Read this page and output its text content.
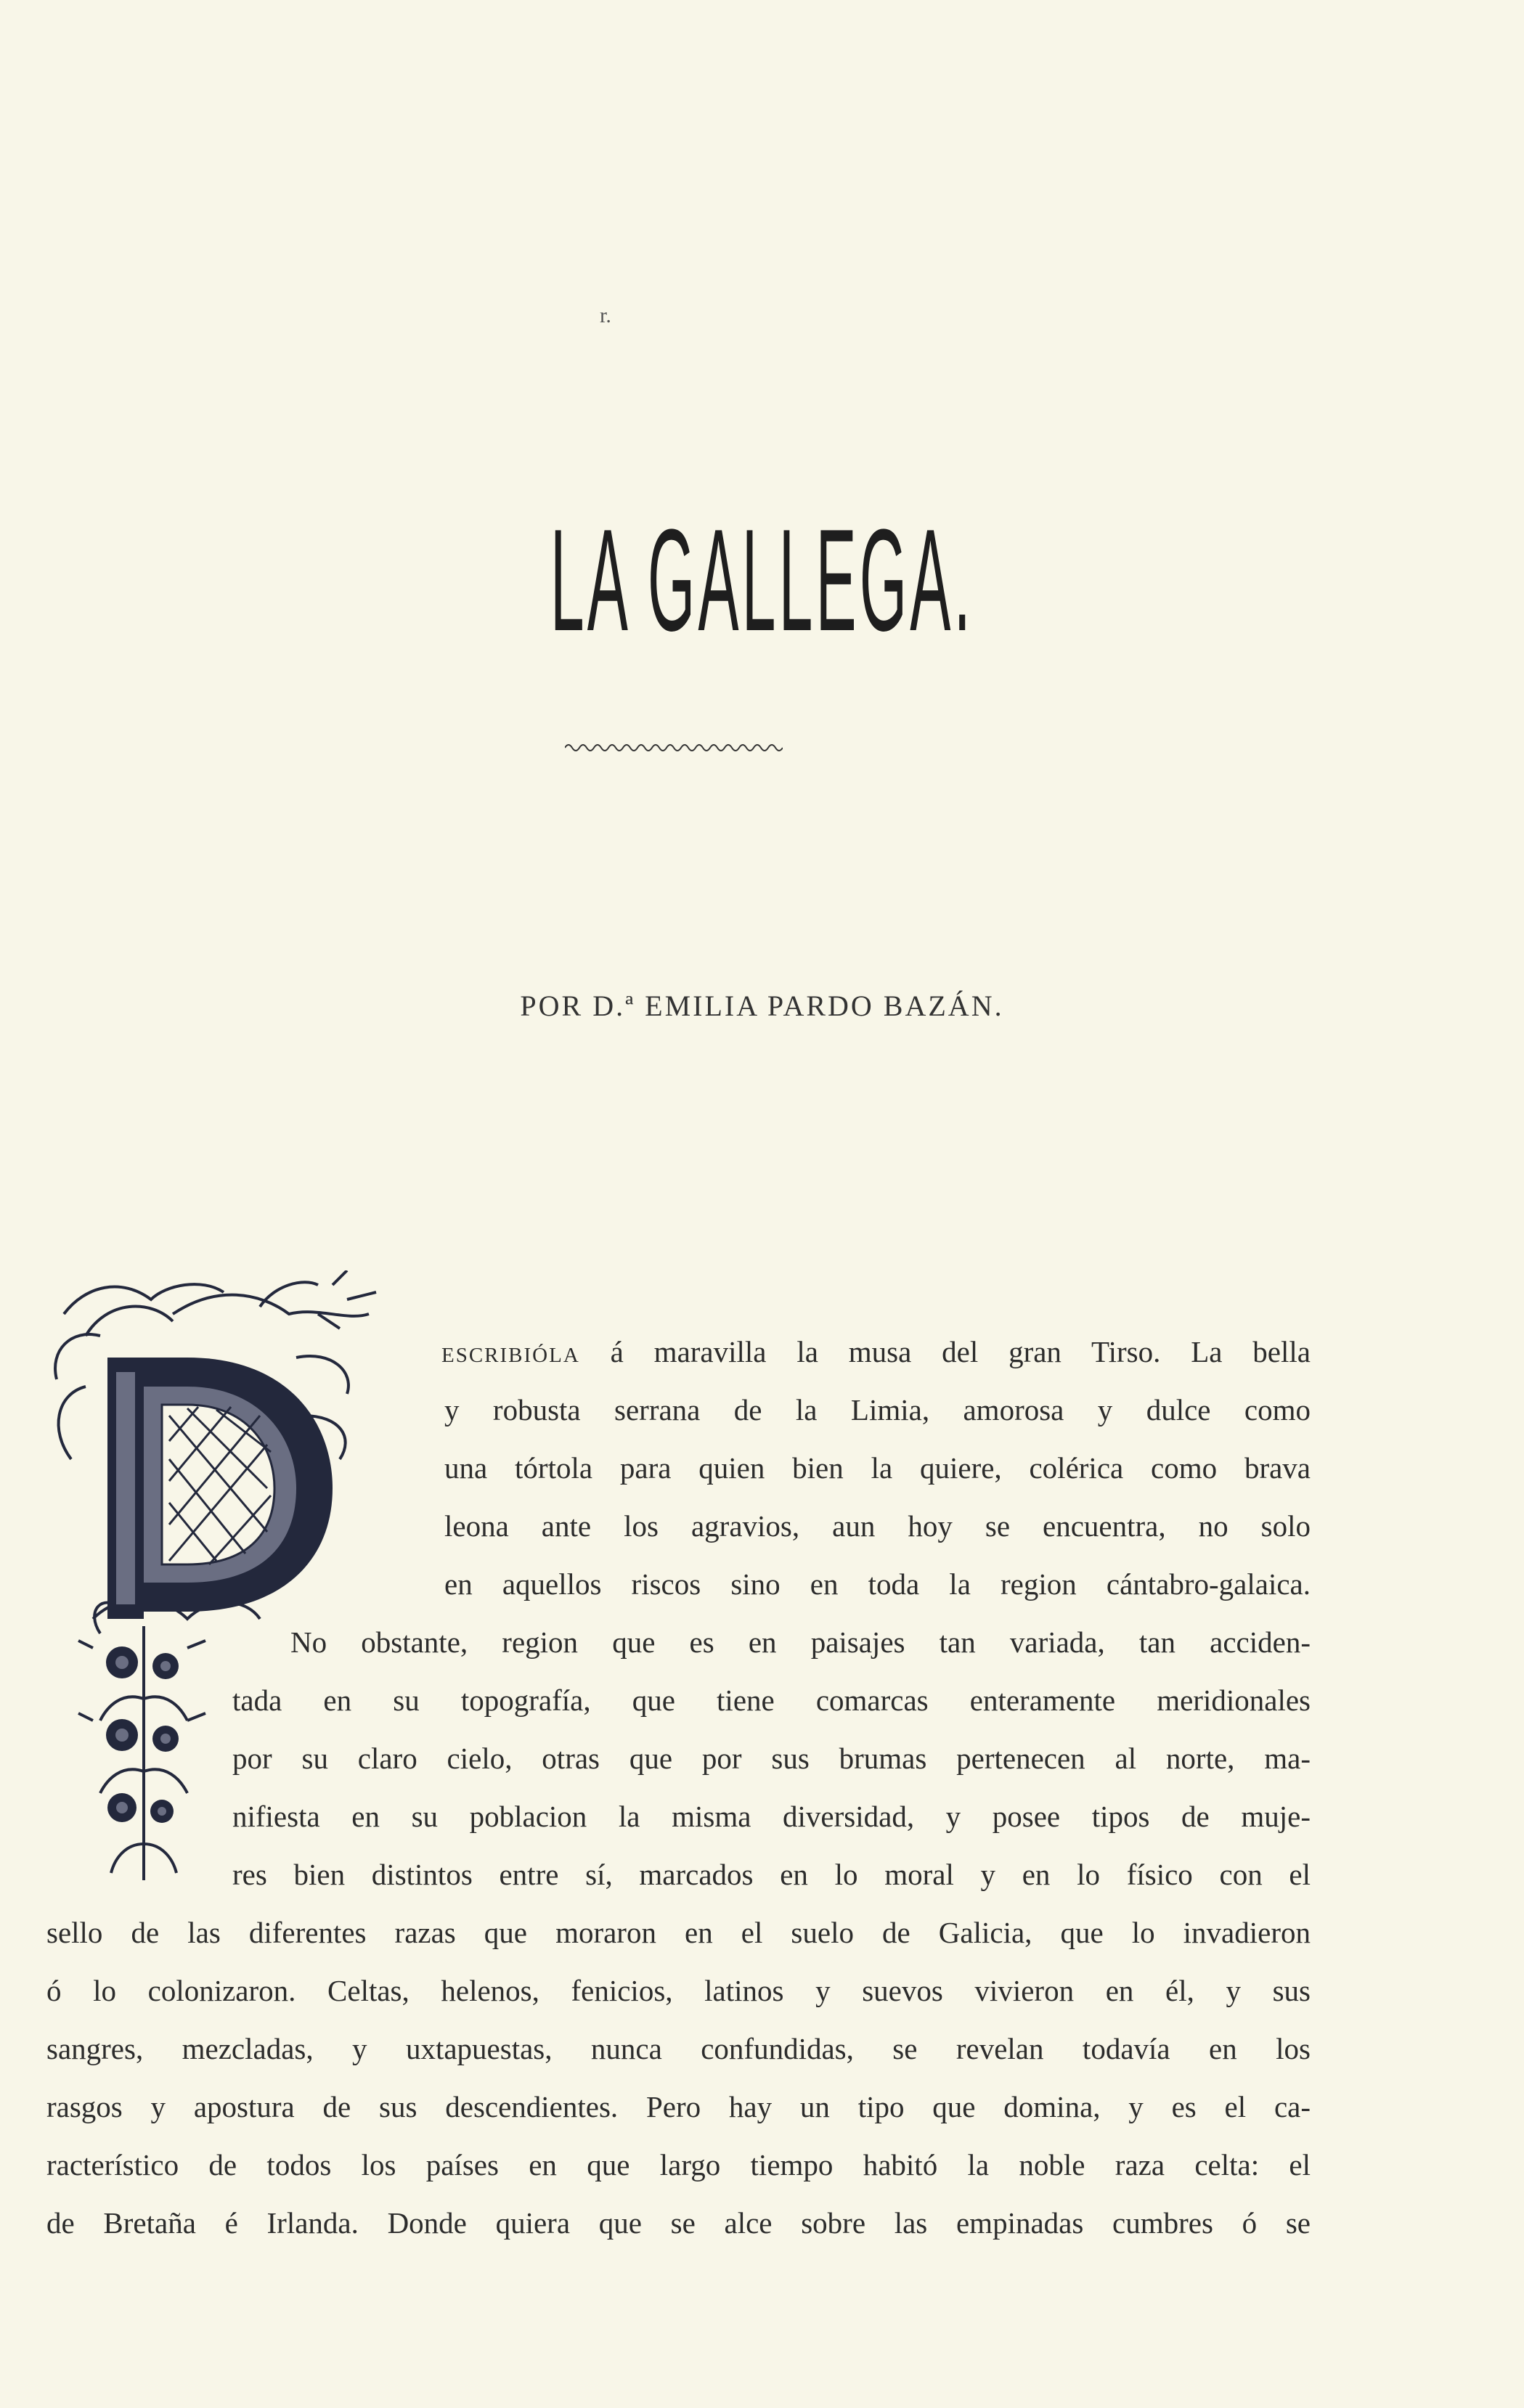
r.
LA GALLEGA.
POR D.ª EMILIA PARDO BAZÁN.
escribióla á maravilla la musa del gran Tirso. La bella
y robusta serrana de la Limia, amorosa y dulce como
una tórtola para quien bien la quiere, colérica como brava
leona ante los agravios, aun hoy se encuentra, no solo
en aquellos riscos sino en toda la region cántabro-galaica.
No obstante, region que es en paisajes tan variada, tan acciden-
tada en su topografía, que tiene comarcas enteramente meridionales
por su claro cielo, otras que por sus brumas pertenecen al norte, ma-
nifiesta en su poblacion la misma diversidad, y posee tipos de muje-
res bien distintos entre sí, marcados en lo moral y en lo físico con el
sello de las diferentes razas que moraron en el suelo de Galicia, que lo invadieron
ó lo colonizaron. Celtas, helenos, fenicios, latinos y suevos vivieron en él, y sus
sangres, mezcladas, y uxtapuestas, nunca confundidas, se revelan todavía en los
rasgos y apostura de sus descendientes. Pero hay un tipo que domina, y es el ca-
racterístico de todos los países en que largo tiempo habitó la noble raza celta: el
de Bretaña é Irlanda. Donde quiera que se alce sobre las empinadas cumbres ó se
